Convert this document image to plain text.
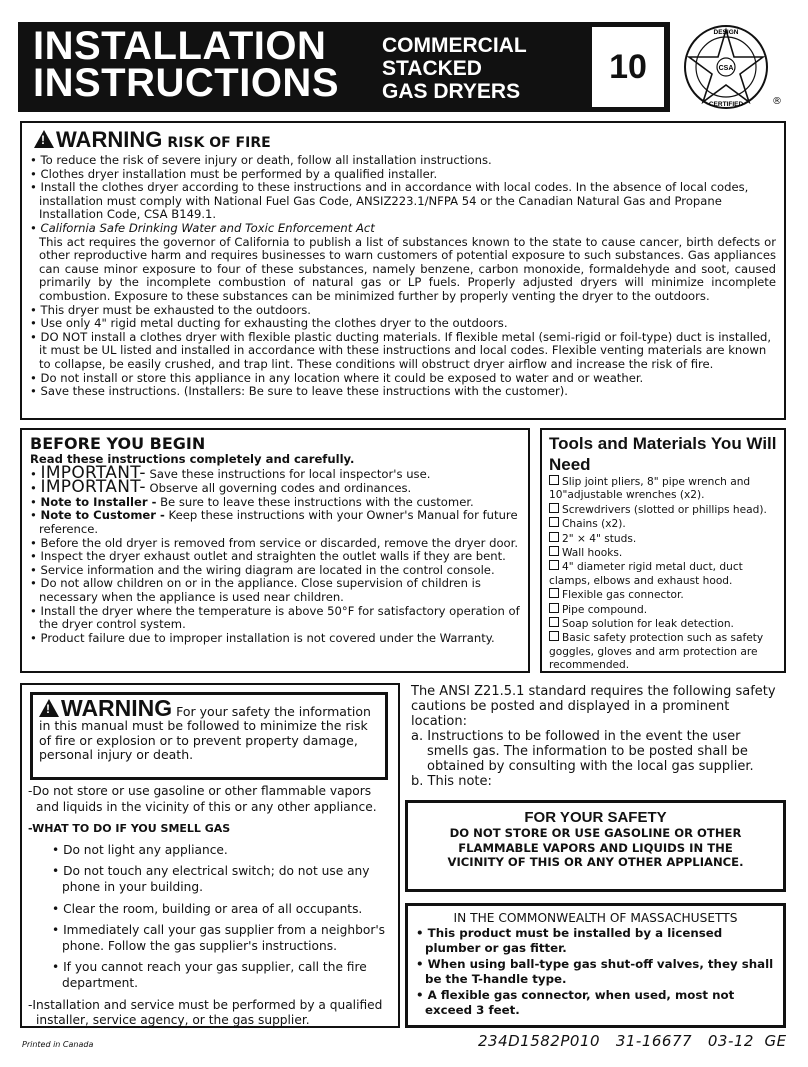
INSTALLATION
INSTRUCTIONS
COMMERCIAL
STACKED
GAS DRYERS
10	CSA
DESIGN
CERTIFIED	®
!WARNING RISK OF FIRE

• To reduce the risk of severe injury or death, follow all installation instructions.

• Clothes dryer installation must be performed by a qualified installer.

• Install the clothes dryer according to these instructions and in accordance with local codes. In the absence of local codes, installation must comply with National Fuel Gas Code, ANSIZ223.1/NFPA 54 or the Canadian Natural Gas and Propane Installation Code, CSA B149.1.

• California Safe Drinking Water and Toxic Enforcement Act

This act requires the governor of California to publish a list of substances known to the state to cause cancer, birth defects or other reproductive harm and requires businesses to warn customers of potential exposure to such substances. Gas appliances can cause minor exposure to four of these substances, namely benzene, carbon monoxide, formaldehyde and soot, caused primarily by the incomplete combustion of natural gas or LP fuels. Properly adjusted dryers will minimize incomplete combustion. Exposure to these substances can be minimized further by properly venting the dryer to the outdoors.

• This dryer must be exhausted to the outdoors.

• Use only 4" rigid metal ducting for exhausting the clothes dryer to the outdoors.

• DO NOT install a clothes dryer with flexible plastic ducting materials. If flexible metal (semi-rigid or foil-type) duct is installed, it must be UL listed and installed in accordance with these instructions and local codes. Flexible venting materials are known to collapse, be easily crushed, and trap lint. These conditions will obstruct dryer airflow and increase the risk of fire.

• Do not install or store this appliance in any location where it could be exposed to water and or weather.

• Save these instructions. (Installers: Be sure to leave these instructions with the customer).

BEFORE YOU BEGIN

Read these instructions completely and carefully.

• IMPORTANT- Save these instructions for local inspector's use.

• IMPORTANT- Observe all governing codes and ordinances.

• Note to Installer - Be sure to leave these instructions with the customer.

• Note to Customer - Keep these instructions with your Owner's Manual for future reference.

• Before the old dryer is removed from service or discarded, remove the dryer door.

• Inspect the dryer exhaust outlet and straighten the outlet walls if they are bent.

• Service information and the wiring diagram are located in the control console.

• Do not allow children on or in the appliance. Close supervision of children is necessary when the appliance is used near children.

• Install the dryer where the temperature is above 50°F for satisfactory operation of the dryer control system.

• Product failure due to improper installation is not covered under the Warranty.

Tools and Materials You Will Need

Slip joint pliers, 8" pipe wrench and 10"adjustable wrenches (x2).

Screwdrivers (slotted or phillips head).

Chains (x2).

2" × 4" studs.

Wall hooks.

4" diameter rigid metal duct, duct clamps, elbows and exhaust hood.

Flexible gas connector.

Pipe compound.

Soap solution for leak detection.

Basic safety protection such as safety goggles, gloves and arm protection are recommended.

!WARNING For your safety the information in this manual must be followed to minimize the risk of fire or explosion or to prevent property damage, personal injury or death.

-Do not store or use gasoline or other flammable vapors and liquids in the vicinity of this or any other appliance.

-WHAT TO DO IF YOU SMELL GAS

• Do not light any appliance.

• Do not touch any electrical switch; do not use any phone in your building.

• Clear the room, building or area of all occupants.

• Immediately call your gas supplier from a neighbor's phone. Follow the gas supplier's instructions.

• If you cannot reach your gas supplier, call the fire department.

-Installation and service must be performed by a qualified installer, service agency, or the gas supplier.

The ANSI Z21.5.1 standard requires the following safety cautions be posted and displayed in a prominent location:

a. Instructions to be followed in the event the user smells gas. The information to be posted shall be obtained by consulting with the local gas supplier.

b. This note:

FOR YOUR SAFETY
DO NOT STORE OR USE GASOLINE OR OTHER FLAMMABLE VAPORS AND LIQUIDS IN THE VICINITY OF THIS OR ANY OTHER APPLIANCE.
IN THE COMMONWEALTH OF MASSACHUSETTS

• This product must be installed by a licensed plumber or gas fitter.

• When using ball-type gas shut-off valves, they shall be the T-handle type.

• A flexible gas connector, when used, most not exceed 3 feet.

Printed in Canada	234D1582P010   31-16677   03-12  GE
